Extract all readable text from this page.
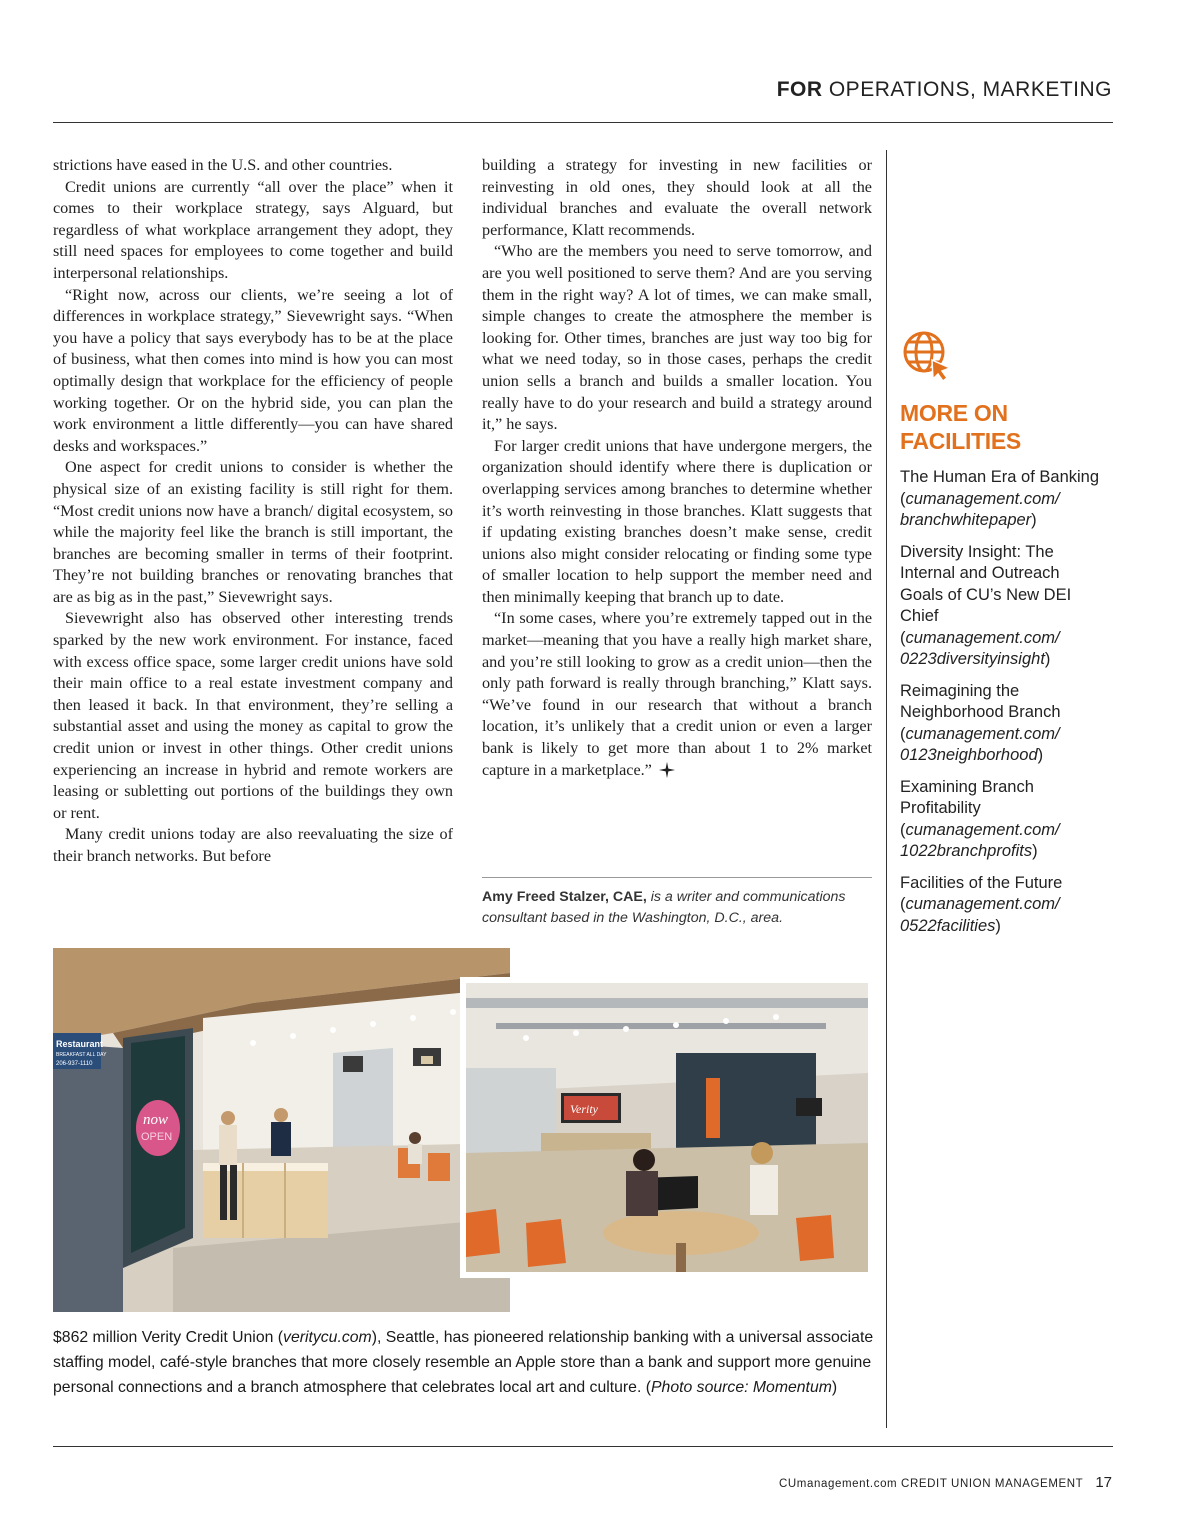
FOR OPERATIONS, MARKETING

strictions have eased in the U.S. and other countries.

Credit unions are currently “all over the place” when it comes to their workplace strategy, says Alguard, but regardless of what workplace arrangement they adopt, they still need spaces for employees to come together and build interpersonal relationships.

“Right now, across our clients, we’re seeing a lot of differences in workplace strategy,” Sievewright says. “When you have a policy that says everybody has to be at the place of business, what then comes into mind is how you can most optimally design that workplace for the efficiency of people working together. Or on the hybrid side, you can plan the work environment a little differently—you can have shared desks and workspaces.”

One aspect for credit unions to consider is whether the physical size of an existing facility is still right for them. “Most credit unions now have a branch/ digital ecosystem, so while the majority feel like the branch is still important, the branches are becoming smaller in terms of their footprint. They’re not building branches or renovating branches that are as big as in the past,” Sievewright says.

Sievewright also has observed other interesting trends sparked by the new work environment. For instance, faced with excess office space, some larger credit unions have sold their main office to a real estate investment company and then leased it back. In that environment, they’re selling a substantial asset and using the money as capital to grow the credit union or invest in other things. Other credit unions experiencing an increase in hybrid and remote workers are leasing or subletting out portions of the buildings they own or rent.

Many credit unions today are also reevaluating the size of their branch networks. But before

building a strategy for investing in new facilities or reinvesting in old ones, they should look at all the individual branches and evaluate the overall network performance, Klatt recommends.

“Who are the members you need to serve tomorrow, and are you well positioned to serve them? And are you serving them in the right way? A lot of times, we can make small, simple changes to create the atmosphere the member is looking for. Other times, branches are just way too big for what we need today, so in those cases, perhaps the credit union sells a branch and builds a smaller location. You really have to do your research and build a strategy around it,” he says.

For larger credit unions that have undergone mergers, the organization should identify where there is duplication or overlapping services among branches to determine whether it’s worth reinvesting in those branches. Klatt suggests that if updating existing branches doesn’t make sense, credit unions also might consider relocating or finding some type of smaller location to help support the member need and then minimally keeping that branch up to date.

“In some cases, where you’re extremely tapped out in the market—meaning that you have a really high market share, and you’re still looking to grow as a credit union—then the only path forward is really through branching,” Klatt says. “We’ve found in our research that without a branch location, it’s unlikely that a credit union or even a larger bank is likely to get more than about 1 to 2% market capture in a marketplace.”

Amy Freed Stalzer, CAE, is a writer and communications consultant based in the Washington, D.C., area.
MORE ON FACILITIES
The Human Era of Banking
(cumanagement.com/ branchwhitepaper)
Diversity Insight: The Internal and Outreach Goals of CU’s New DEI Chief
(cumanagement.com/ 0223diversityinsight)
Reimagining the Neighborhood Branch
(cumanagement.com/ 0123neighborhood)
Examining Branch Profitability
(cumanagement.com/ 1022branchprofits)
Facilities of the Future
(cumanagement.com/ 0522facilities)
Restaurant
BREAKFAST ALL DAY
206-937-1110
now
OPEN
Verity
$862 million Verity Credit Union (veritycu.com), Seattle, has pioneered relationship banking with a universal associate staffing model, café-style branches that more closely resemble an Apple store than a bank and support more genuine personal connections and a branch atmosphere that celebrates local art and culture. (Photo source: Momentum)
CUmanagement.com CREDIT UNION MANAGEMENT 17
